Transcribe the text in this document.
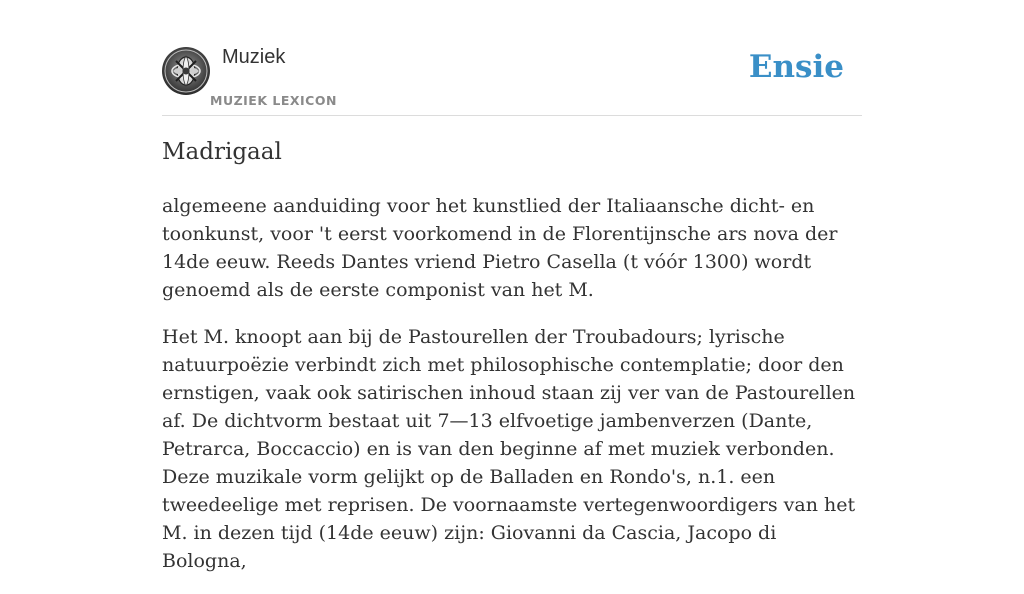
Muziek
MUZIEK LEXICON
Ensie
Madrigaal

algemeene aanduiding voor het kunstlied der Italiaansche dicht- en toonkunst, voor 't eerst voorkomend in de Florentijnsche ars nova der 14de eeuw. Reeds Dantes vriend Pietro Casella (t vóór 1300) wordt genoemd als de eerste componist van het M.

Het M. knoopt aan bij de Pastourellen der Troubadours; lyrische natuurpoëzie verbindt zich met philosophische contemplatie; door den ernstigen, vaak ook satirischen inhoud staan zij ver van de Pastourellen af. De dichtvorm bestaat uit 7—13 elfvoetige jambenverzen (Dante, Petrarca, Boccaccio) en is van den beginne af met muziek verbonden. Deze muzikale vorm gelijkt op de Balladen en Rondo's, n.1. een tweedeelige met reprisen. De voornaamste vertegenwoordigers van het M. in dezen tijd (14de eeuw) zijn: Giovanni da Cascia, Jacopo di Bologna,
